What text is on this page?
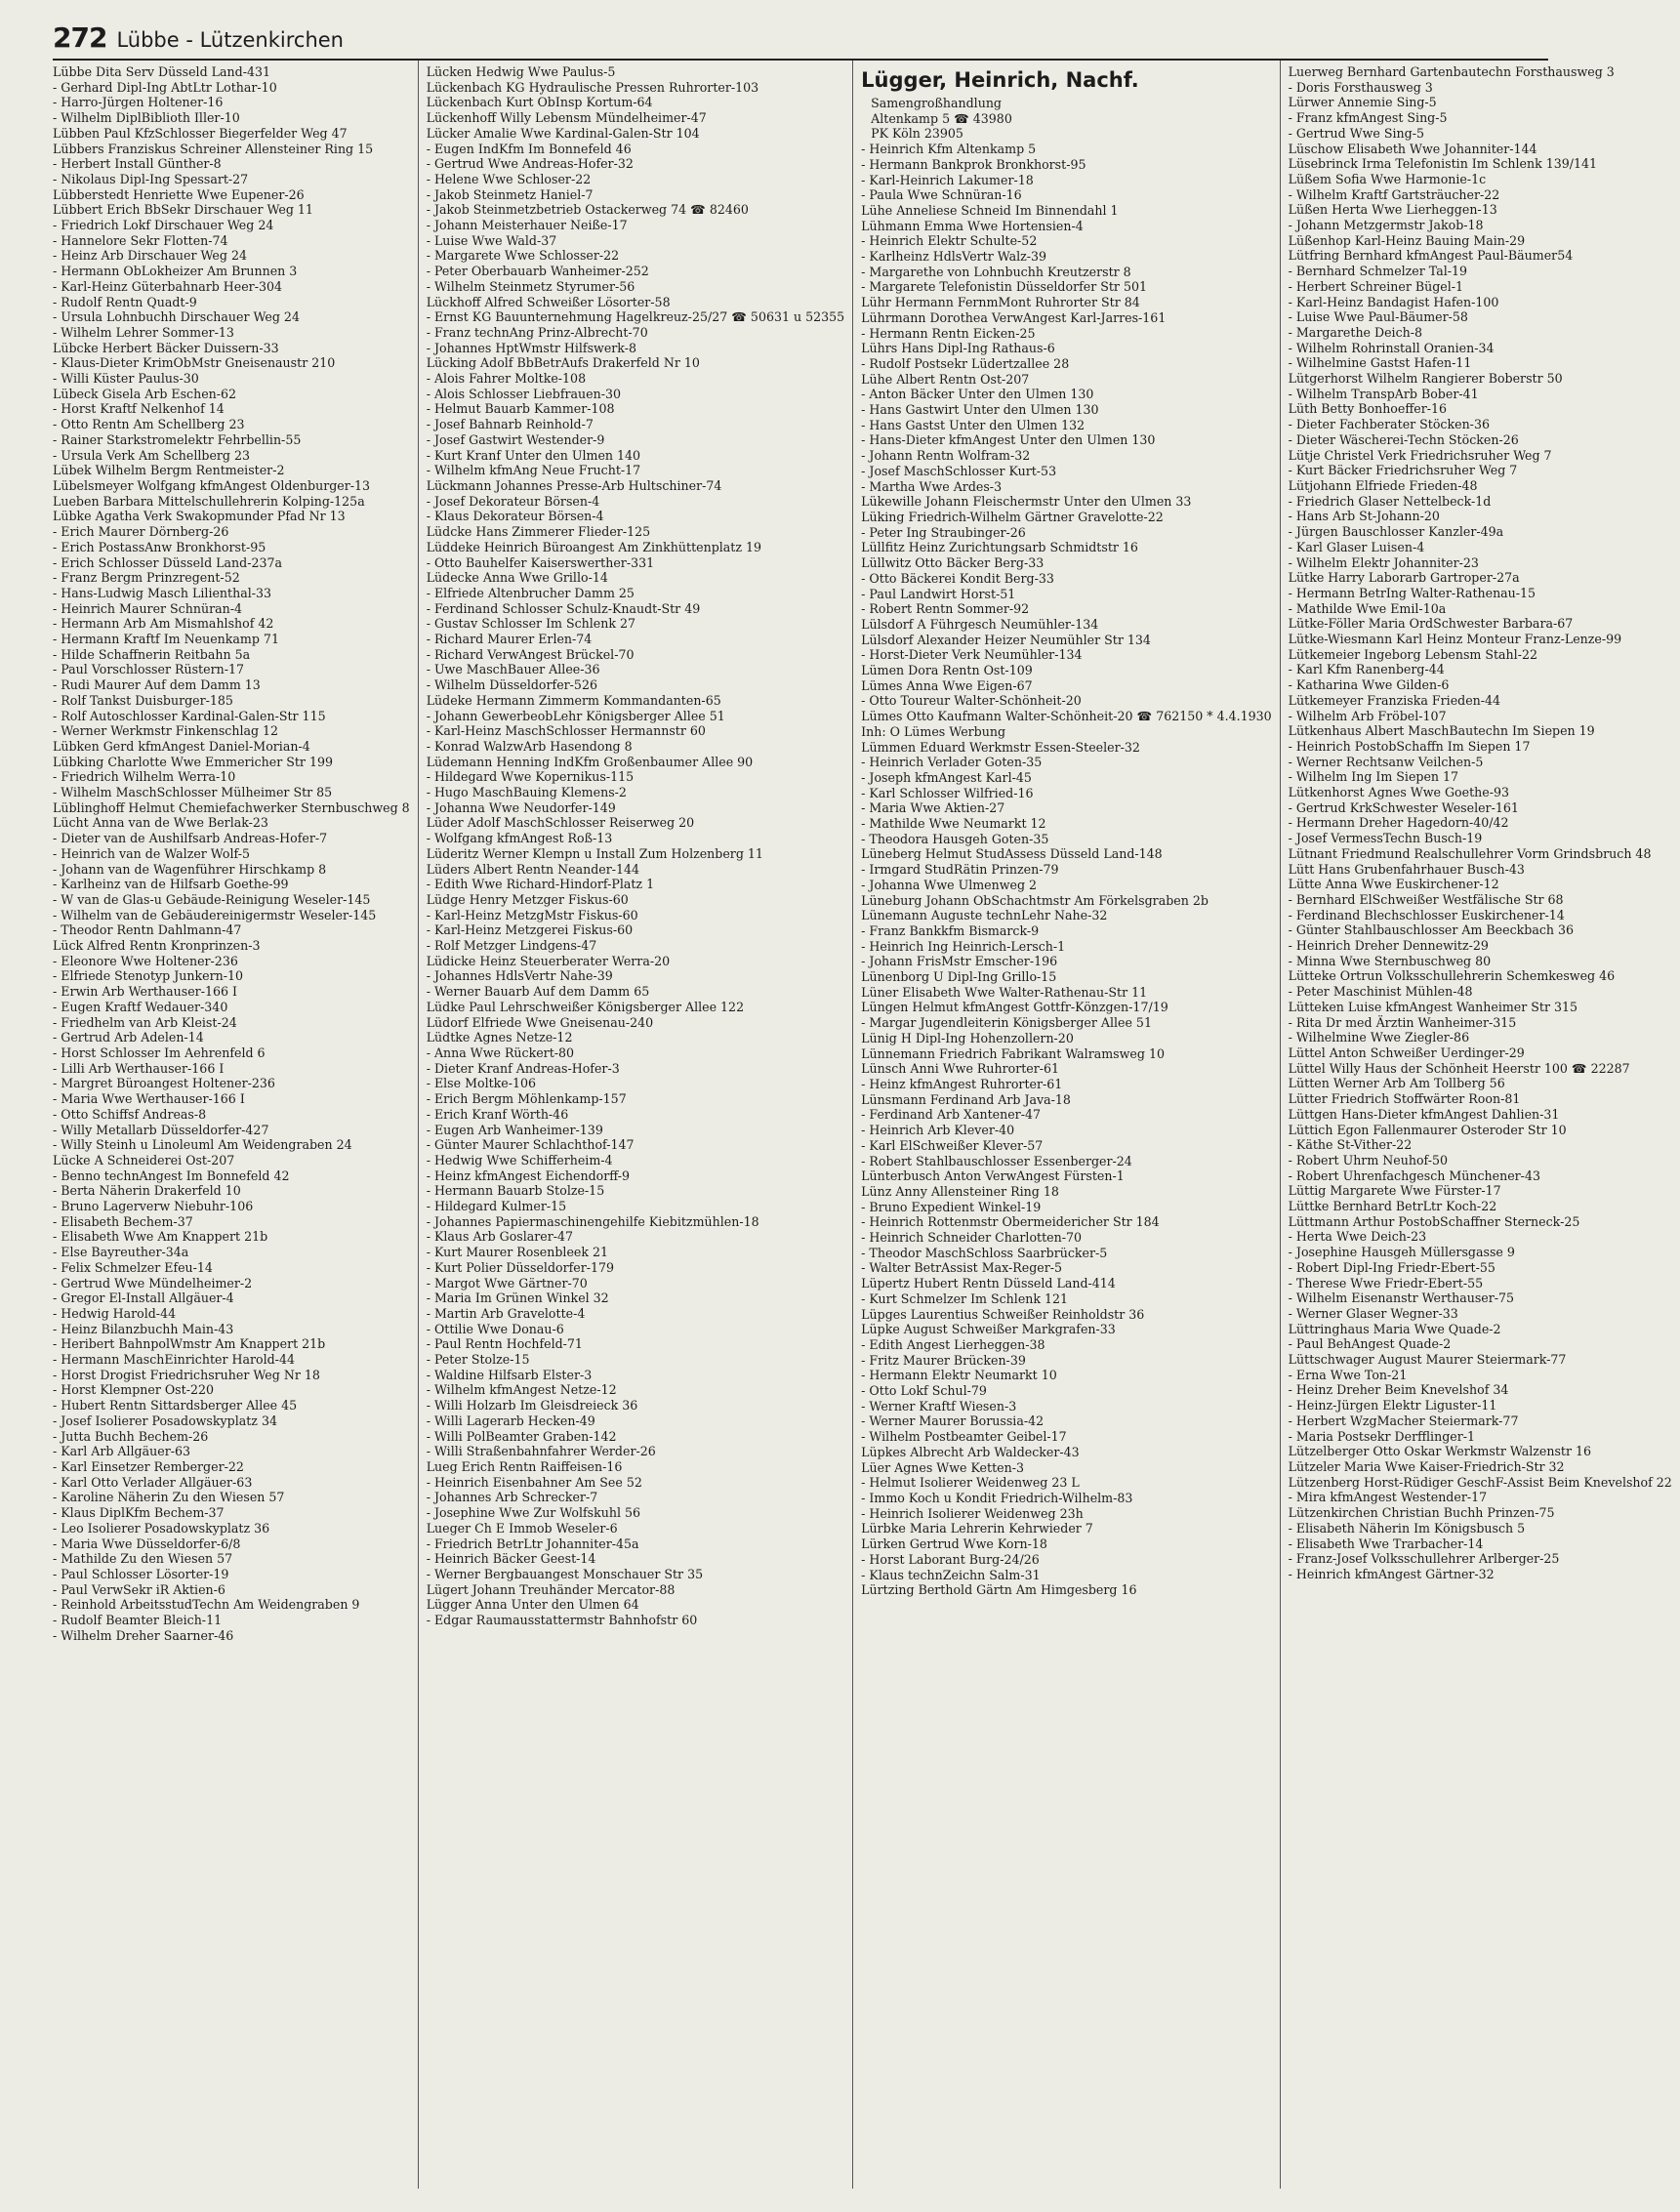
272 Lübbe - Lützenkirchen
Lübbe Dita Serv Düsseld Land-431
- Gerhard Dipl-Ing AbtLtr Lothar-10
- Harro-Jürgen Holtener-16
- Wilhelm DiplBiblioth Iller-10
Lübben Paul KfzSchlosser Biegerfelder Weg 47
Lübbers Franziskus Schreiner Allensteiner Ring 15
- Herbert Install Günther-8
- Nikolaus Dipl-Ing Spessart-27
Lübberstedt Henriette Wwe Eupener-26
Lübbert Erich BbSekr Dirschauer Weg 11
- Friedrich Lokf Dirschauer Weg 24
- Hannelore Sekr Flotten-74
- Heinz Arb Dirschauer Weg 24
- Hermann ObLokheizer Am Brunnen 3
- Karl-Heinz Güterbahnarb Heer-304
- Rudolf Rentn Quadt-9
- Ursula Lohnbuchh Dirschauer Weg 24
- Wilhelm Lehrer Sommer-13
Lübcke Herbert Bäcker Duissern-33
- Klaus-Dieter KrimObMstr Gneisenaustr 210
- Willi Küster Paulus-30
Lübeck Gisela Arb Eschen-62
- Horst Kraftf Nelkenhof 14
- Otto Rentn Am Schellberg 23
- Rainer Starkstromelektr Fehrbellin-55
- Ursula Verk Am Schellberg 23
Lübek Wilhelm Bergm Rentmeister-2
Lübelsmeyer Wolfgang kfmAngest Oldenburger-13
Lueben Barbara Mittelschullehrerin Kolping-125a
Lübke Agatha Verk Swakopmunder Pfad Nr 13
- Erich Maurer Dörnberg-26
- Erich PostassAnw Bronkhorst-95
- Erich Schlosser Düsseld Land-237a
- Franz Bergm Prinzregent-52
- Hans-Ludwig Masch Lilienthal-33
- Heinrich Maurer Schnüran-4
- Hermann Arb Am Mismahlshof 42
- Hermann Kraftf Im Neuenkamp 71
- Hilde Schaffnerin Reitbahn 5a
- Paul Vorschlosser Rüstern-17
- Rudi Maurer Auf dem Damm 13
- Rolf Tankst Duisburger-185
- Rolf Autoschlosser Kardinal-Galen-Str 115
- Werner Werkmstr Finkenschlag 12
Lübken Gerd kfmAngest Daniel-Morian-4
Lübking Charlotte Wwe Emmericher Str 199
- Friedrich Wilhelm Werra-10
- Wilhelm MaschSchlosser Mülheimer Str 85
Lüblinghoff Helmut Chemiefachwerker Sternbuschweg 8
Lücht Anna van de Wwe Berlak-23
- Dieter van de Aushilfsarb Andreas-Hofer-7
- Heinrich van de Walzer Wolf-5
- Johann van de Wagenführer Hirschkamp 8
- Karlheinz van de Hilfsarb Goethe-99
- W van de Glas-u Gebäude-Reinigung Weseler-145
- Wilhelm van de Gebäudereinigermstr Weseler-145
- Theodor Rentn Dahlmann-47
Lück Alfred Rentn Kronprinzen-3
- Eleonore Wwe Holtener-236
- Elfriede Stenotyp Junkern-10
- Erwin Arb Werthauser-166 I
- Eugen Kraftf Wedauer-340
- Friedhelm van Arb Kleist-24
- Gertrud Arb Adelen-14
- Horst Schlosser Im Aehrenfeld 6
- Lilli Arb Werthauser-166 I
- Margret Büroangest Holtener-236
- Maria Wwe Werthauser-166 I
- Otto Schiffsf Andreas-8
- Willy Metallarb Düsseldorfer-427
- Willy Steinh u Linoleuml Am Weidengraben 24
Lücke A Schneiderei Ost-207
- Benno technAngest Im Bonnefeld 42
- Berta Näherin Drakerfeld 10
- Bruno Lagerverw Niebuhr-106
- Elisabeth Bechem-37
- Elisabeth Wwe Am Knappert 21b
- Else Bayreuther-34a
- Felix Schmelzer Efeu-14
- Gertrud Wwe Mündelheimer-2
- Gregor El-Install Allgäuer-4
- Hedwig Harold-44
- Heinz Bilanzbuchh Main-43
- Heribert BahnpolWmstr Am Knappert 21b
- Hermann MaschEinrichter Harold-44
- Horst Drogist Friedrichsruher Weg Nr 18
- Horst Klempner Ost-220
- Hubert Rentn Sittardsberger Allee 45
- Josef Isolierer Posadowskyplatz 34
- Jutta Buchh Bechem-26
- Karl Arb Allgäuer-63
- Karl Einsetzer Remberger-22
- Karl Otto Verlader Allgäuer-63
- Karoline Näherin Zu den Wiesen 57
- Klaus DiplKfm Bechem-37
- Leo Isolierer Posadowskyplatz 36
- Maria Wwe Düsseldorfer-6/8
- Mathilde Zu den Wiesen 57
- Paul Schlosser Lösorter-19
- Paul VerwSekr iR Aktien-6
- Reinhold ArbeitsstudTechn Am Weidengraben 9
- Rudolf Beamter Bleich-11
- Wilhelm Dreher Saarner-46
Lücken Hedwig Wwe Paulus-5
Lückenbach KG Hydraulische Pressen Ruhrorter-103
Lückenbach Kurt ObInsp Kortum-64
Lückenhoff Willy Lebensm Mündelheimer-47
Lücker Amalie Wwe Kardinal-Galen-Str 104
- Eugen IndKfm Im Bonnefeld 46
- Gertrud Wwe Andreas-Hofer-32
- Helene Wwe Schloser-22
- Jakob Steinmetz Haniel-7
- Jakob Steinmetzbetrieb Ostackerweg 74 ☎ 82460
- Johann Meisterhauer Neiße-17
- Luise Wwe Wald-37
- Margarete Wwe Schlosser-22
- Peter Oberbauarb Wanheimer-252
- Wilhelm Steinmetz Styrumer-56
Lückhoff Alfred Schweißer Lösorter-58
- Ernst KG Bauunternehmung Hagelkreuz-25/27 ☎ 50631 u 52355
- Franz technAng Prinz-Albrecht-70
- Johannes HptWmstr Hilfswerk-8
Lücking Adolf BbBetrAufs Drakerfeld Nr 10
- Alois Fahrer Moltke-108
- Alois Schlosser Liebfrauen-30
- Helmut Bauarb Kammer-108
- Josef Bahnarb Reinhold-7
- Josef Gastwirt Westender-9
- Kurt Kranf Unter den Ulmen 140
- Wilhelm kfmAng Neue Frucht-17
Lückmann Johannes Presse-Arb Hultschiner-74
- Josef Dekorateur Börsen-4
- Klaus Dekorateur Börsen-4
Lüdcke Hans Zimmerer Flieder-125
Lüddeke Heinrich Büroangest Am Zinkhüttenplatz 19
- Otto Bauhelfer Kaiserswerther-331
Lüdecke Anna Wwe Grillo-14
- Elfriede Altenbrucher Damm 25
- Ferdinand Schlosser Schulz-Knaudt-Str 49
- Gustav Schlosser Im Schlenk 27
- Richard Maurer Erlen-74
- Richard VerwAngest Brückel-70
- Uwe MaschBauer Allee-36
- Wilhelm Düsseldorfer-526
Lüdeke Hermann Zimmerm Kommandanten-65
- Johann GewerbeobLehr Königsberger Allee 51
- Karl-Heinz MaschSchlosser Hermannstr 60
- Konrad WalzwArb Hasendong 8
Lüdemann Henning IndKfm Großenbaumer Allee 90
- Hildegard Wwe Kopernikus-115
- Hugo MaschBauing Klemens-2
- Johanna Wwe Neudorfer-149
Lüder Adolf MaschSchlosser Reiserweg 20
- Wolfgang kfmAngest Roß-13
Lüderitz Werner Klempn u Install Zum Holzenberg 11
Lüders Albert Rentn Neander-144
- Edith Wwe Richard-Hindorf-Platz 1
Lüdge Henry Metzger Fiskus-60
- Karl-Heinz MetzgMstr Fiskus-60
- Karl-Heinz Metzgerei Fiskus-60
- Rolf Metzger Lindgens-47
Lüdicke Heinz Steuerberater Werra-20
- Johannes HdlsVertr Nahe-39
- Werner Bauarb Auf dem Damm 65
Lüdke Paul Lehrschweißer Königsberger Allee 122
Lüdorf Elfriede Wwe Gneisenau-240
Lüdtke Agnes Netze-12
- Anna Wwe Rückert-80
- Dieter Kranf Andreas-Hofer-3
- Else Moltke-106
- Erich Bergm Möhlenkamp-157
- Erich Kranf Wörth-46
- Eugen Arb Wanheimer-139
- Günter Maurer Schlachthof-147
- Hedwig Wwe Schifferheim-4
- Heinz kfmAngest Eichendorff-9
- Hermann Bauarb Stolze-15
- Hildegard Kulmer-15
- Johannes Papiermaschinengehilfe Kiebitzmühlen-18
- Klaus Arb Goslarer-47
- Kurt Maurer Rosenbleek 21
- Kurt Polier Düsseldorfer-179
- Margot Wwe Gärtner-70
- Maria Im Grünen Winkel 32
- Martin Arb Gravelotte-4
- Ottilie Wwe Donau-6
- Paul Rentn Hochfeld-71
- Peter Stolze-15
- Waldine Hilfsarb Elster-3
- Wilhelm kfmAngest Netze-12
- Willi Holzarb Im Gleisdreieck 36
- Willi Lagerarb Hecken-49
- Willi PolBeamter Graben-142
- Willi Straßenbahnfahrer Werder-26
Lueg Erich Rentn Raiffeisen-16
- Heinrich Eisenbahner Am See 52
- Johannes Arb Schrecker-7
- Josephine Wwe Zur Wolfskuhl 56
Lueger Ch E Immob Weseler-6
- Friedrich BetrLtr Johanniter-45a
- Heinrich Bäcker Geest-14
- Werner Bergbauangest Monschauer Str 35
Lügert Johann Treuhänder Mercator-88
Lügger Anna Unter den Ulmen 64
- Edgar Raumausstattermstr Bahnhofstr 60
Lügger, Heinrich, Nachf.
Samengroßhandlung
Altenkamp 5 ☎ 43980
PK Köln 23905
- Heinrich Kfm Altenkamp 5
- Hermann Bankprok Bronkhorst-95
- Karl-Heinrich Lakumer-18
- Paula Wwe Schnüran-16
Lühe Anneliese Schneid Im Binnendahl 1
Lühmann Emma Wwe Hortensien-4
- Heinrich Elektr Schulte-52
- Karlheinz HdlsVertr Walz-39
- Margarethe von Lohnbuchh Kreutzerstr 8
- Margarete Telefonistin Düsseldorfer Str 501
Lühr Hermann FernmMont Ruhrorter Str 84
Lührmann Dorothea VerwAngest Karl-Jarres-161
- Hermann Rentn Eicken-25
Lührs Hans Dipl-Ing Rathaus-6
- Rudolf Postsekr Lüdertzallee 28
Lühe Albert Rentn Ost-207
- Anton Bäcker Unter den Ulmen 130
- Hans Gastwirt Unter den Ulmen 130
- Hans Gastst Unter den Ulmen 132
- Hans-Dieter kfmAngest Unter den Ulmen 130
- Johann Rentn Wolfram-32
- Josef MaschSchlosser Kurt-53
- Martha Wwe Ardes-3
Lükewille Johann Fleischermstr Unter den Ulmen 33
Lüking Friedrich-Wilhelm Gärtner Gravelotte-22
- Peter Ing Straubinger-26
Lüllfitz Heinz Zurichtungsarb Schmidtstr 16
Lüllwitz Otto Bäcker Berg-33
- Otto Bäckerei Kondit Berg-33
- Paul Landwirt Horst-51
- Robert Rentn Sommer-92
Lülsdorf A Führgesch Neumühler-134
Lülsdorf Alexander Heizer Neumühler Str 134
- Horst-Dieter Verk Neumühler-134
Lümen Dora Rentn Ost-109
Lümes Anna Wwe Eigen-67
- Otto Toureur Walter-Schönheit-20
Lümes Otto Kaufmann Walter-Schönheit-20 ☎ 762150 * 4.4.1930
Inh: O Lümes Werbung
Lümmen Eduard Werkmstr Essen-Steeler-32
- Heinrich Verlader Goten-35
- Joseph kfmAngest Karl-45
- Karl Schlosser Wilfried-16
- Maria Wwe Aktien-27
- Mathilde Wwe Neumarkt 12
- Theodora Hausgeh Goten-35
Lüneberg Helmut StudAssess Düsseld Land-148
- Irmgard StudRätin Prinzen-79
- Johanna Wwe Ulmenweg 2
Lüneburg Johann ObSchachtmstr Am Förkelsgraben 2b
Lünemann Auguste technLehr Nahe-32
- Franz Bankkfm Bismarck-9
- Heinrich Ing Heinrich-Lersch-1
- Johann FrisMstr Emscher-196
Lünenborg U Dipl-Ing Grillo-15
Lüner Elisabeth Wwe Walter-Rathenau-Str 11
Lüngen Helmut kfmAngest Gottfr-Könzgen-17/19
- Margar Jugendleiterin Königsberger Allee 51
Lünig H Dipl-Ing Hohenzollern-20
Lünnemann Friedrich Fabrikant Walramsweg 10
Lünsch Anni Wwe Ruhrorter-61
- Heinz kfmAngest Ruhrorter-61
Lünsmann Ferdinand Arb Java-18
- Ferdinand Arb Xantener-47
- Heinrich Arb Klever-40
- Karl ElSchweißer Klever-57
- Robert Stahlbauschlosser Essenberger-24
Lünterbusch Anton VerwAngest Fürsten-1
Lünz Anny Allensteiner Ring 18
- Bruno Expedient Winkel-19
- Heinrich Rottenmstr Obermeidericher Str 184
- Heinrich Schneider Charlotten-70
- Theodor MaschSchloss Saarbrücker-5
- Walter BetrAssist Max-Reger-5
Lüpertz Hubert Rentn Düsseld Land-414
- Kurt Schmelzer Im Schlenk 121
Lüpges Laurentius Schweißer Reinholdstr 36
Lüpke August Schweißer Markgrafen-33
- Edith Angest Lierheggen-38
- Fritz Maurer Brücken-39
- Hermann Elektr Neumarkt 10
- Otto Lokf Schul-79
- Werner Kraftf Wiesen-3
- Werner Maurer Borussia-42
- Wilhelm Postbeamter Geibel-17
Lüpkes Albrecht Arb Waldecker-43
Lüer Agnes Wwe Ketten-3
- Helmut Isolierer Weidenweg 23 L
- Immo Koch u Kondit Friedrich-Wilhelm-83
- Heinrich Isolierer Weidenweg 23h
Lürbke Maria Lehrerin Kehrwieder 7
Lürken Gertrud Wwe Korn-18
- Horst Laborant Burg-24/26
- Klaus technZeichn Salm-31
Lürtzing Berthold Gärtn Am Himgesberg 16
Luerweg Bernhard Gartenbautechn Forsthausweg 3
- Doris Forsthausweg 3
Lürwer Annemie Sing-5
- Franz kfmAngest Sing-5
- Gertrud Wwe Sing-5
Lüschow Elisabeth Wwe Johanniter-144
Lüsebrinck Irma Telefonistin Im Schlenk 139/141
Lüßem Sofia Wwe Harmonie-1c
- Wilhelm Kraftf Gartsträucher-22
Lüßen Herta Wwe Lierheggen-13
- Johann Metzgermstr Jakob-18
Lüßenhop Karl-Heinz Bauing Main-29
Lütfring Bernhard kfmAngest Paul-Bäumer54
- Bernhard Schmelzer Tal-19
- Herbert Schreiner Bügel-1
- Karl-Heinz Bandagist Hafen-100
- Luise Wwe Paul-Bäumer-58
- Margarethe Deich-8
- Wilhelm Rohrinstall Oranien-34
- Wilhelmine Gastst Hafen-11
Lütgerhorst Wilhelm Rangierer Boberstr 50
- Wilhelm TranspArb Bober-41
Lüth Betty Bonhoeffer-16
- Dieter Fachberater Stöcken-36
- Dieter Wäscherei-Techn Stöcken-26
Lütje Christel Verk Friedrichsruher Weg 7
- Kurt Bäcker Friedrichsruher Weg 7
Lütjohann Elfriede Frieden-48
- Friedrich Glaser Nettelbeck-1d
- Hans Arb St-Johann-20
- Jürgen Bauschlosser Kanzler-49a
- Karl Glaser Luisen-4
- Wilhelm Elektr Johanniter-23
Lütke Harry Laborarb Gartroper-27a
- Hermann BetrIng Walter-Rathenau-15
- Mathilde Wwe Emil-10a
Lütke-Föller Maria OrdSchwester Barbara-67
Lütke-Wiesmann Karl Heinz Monteur Franz-Lenze-99
Lütkemeier Ingeborg Lebensm Stahl-22
- Karl Kfm Ranenberg-44
- Katharina Wwe Gilden-6
Lütkemeyer Franziska Frieden-44
- Wilhelm Arb Fröbel-107
Lütkenhaus Albert MaschBautechn Im Siepen 19
- Heinrich PostobSchaffn Im Siepen 17
- Werner Rechtsanw Veilchen-5
- Wilhelm Ing Im Siepen 17
Lütkenhorst Agnes Wwe Goethe-93
- Gertrud KrkSchwester Weseler-161
- Hermann Dreher Hagedorn-40/42
- Josef VermessTechn Busch-19
Lütnant Friedmund Realschullehrer Vorm Grindsbruch 48
Lütt Hans Grubenfahrhauer Busch-43
Lütte Anna Wwe Euskirchener-12
- Bernhard ElSchweißer Westfälische Str 68
- Ferdinand Blechschlosser Euskirchener-14
- Günter Stahlbauschlosser Am Beeckbach 36
- Heinrich Dreher Dennewitz-29
- Minna Wwe Sternbuschweg 80
Lütteke Ortrun Volksschullehrerin Schemkesweg 46
- Peter Maschinist Mühlen-48
Lütteken Luise kfmAngest Wanheimer Str 315
- Rita Dr med Ärztin Wanheimer-315
- Wilhelmine Wwe Ziegler-86
Lüttel Anton Schweißer Uerdinger-29
Lüttel Willy Haus der Schönheit Heerstr 100 ☎ 22287
Lütten Werner Arb Am Tollberg 56
Lütter Friedrich Stoffwärter Roon-81
Lüttgen Hans-Dieter kfmAngest Dahlien-31
Lüttich Egon Fallenmaurer Osteroder Str 10
- Käthe St-Vither-22
- Robert Uhrm Neuhof-50
- Robert Uhrenfachgesch Münchener-43
Lüttig Margarete Wwe Fürster-17
Lüttke Bernhard BetrLtr Koch-22
Lüttmann Arthur PostobSchaffner Sterneck-25
- Herta Wwe Deich-23
- Josephine Hausgeh Müllersgasse 9
- Robert Dipl-Ing Friedr-Ebert-55
- Therese Wwe Friedr-Ebert-55
- Wilhelm Eisenanstr Werthauser-75
- Werner Glaser Wegner-33
Lüttringhaus Maria Wwe Quade-2
- Paul BehAngest Quade-2
Lüttschwager August Maurer Steiermark-77
- Erna Wwe Ton-21
- Heinz Dreher Beim Knevelshof 34
- Heinz-Jürgen Elektr Liguster-11
- Herbert WzgMacher Steiermark-77
- Maria Postsekr Derfflinger-1
Lützelberger Otto Oskar Werkmstr Walzenstr 16
Lützeler Maria Wwe Kaiser-Friedrich-Str 32
Lützenberg Horst-Rüdiger GeschF-Assist Beim Knevelshof 22
- Mira kfmAngest Westender-17
Lützenkirchen Christian Buchh Prinzen-75
- Elisabeth Näherin Im Königsbusch 5
- Elisabeth Wwe Trarbacher-14
- Franz-Josef Volksschullehrer Arlberger-25
- Heinrich kfmAngest Gärtner-32
